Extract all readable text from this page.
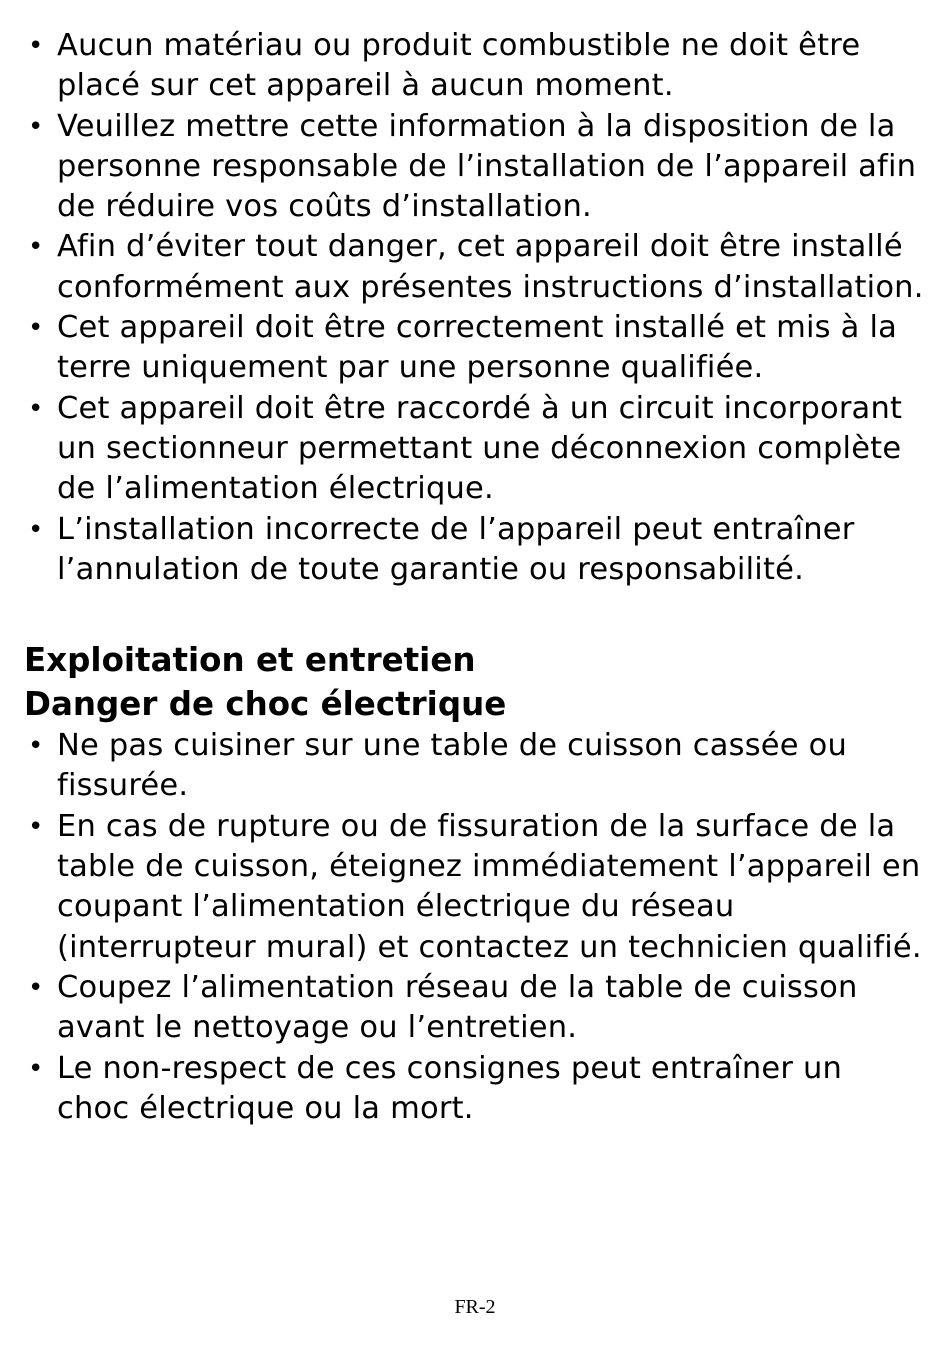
• Aucun matériau ou produit combustible ne doit être placé sur cet appareil à aucun moment.
• Veuillez mettre cette information à la disposition de la personne responsable de l’installation de l’appareil afin de réduire vos coûts d’installation.
• Afin d’éviter tout danger, cet appareil doit être installé conformément aux présentes instructions d’installation.
• Cet appareil doit être correctement installé et mis à la terre uniquement par une personne qualifiée.
• Cet appareil doit être raccordé à un circuit incorporant un sectionneur permettant une déconnexion complète de l’alimentation électrique.
• L’installation incorrecte de l’appareil peut entraîner l’annulation de toute garantie ou responsabilité.
Exploitation et entretien
Danger de choc électrique
• Ne pas cuisiner sur une table de cuisson cassée ou fissurée.
• En cas de rupture ou de fissuration de la surface de la table de cuisson, éteignez immédiatement l’appareil en coupant l’alimentation électrique du réseau (interrupteur mural) et contactez un technicien qualifié.
• Coupez l’alimentation réseau de la table de cuisson avant le nettoyage ou l’entretien.
• Le non-respect de ces consignes peut entraîner un choc électrique ou la mort.
FR-2
